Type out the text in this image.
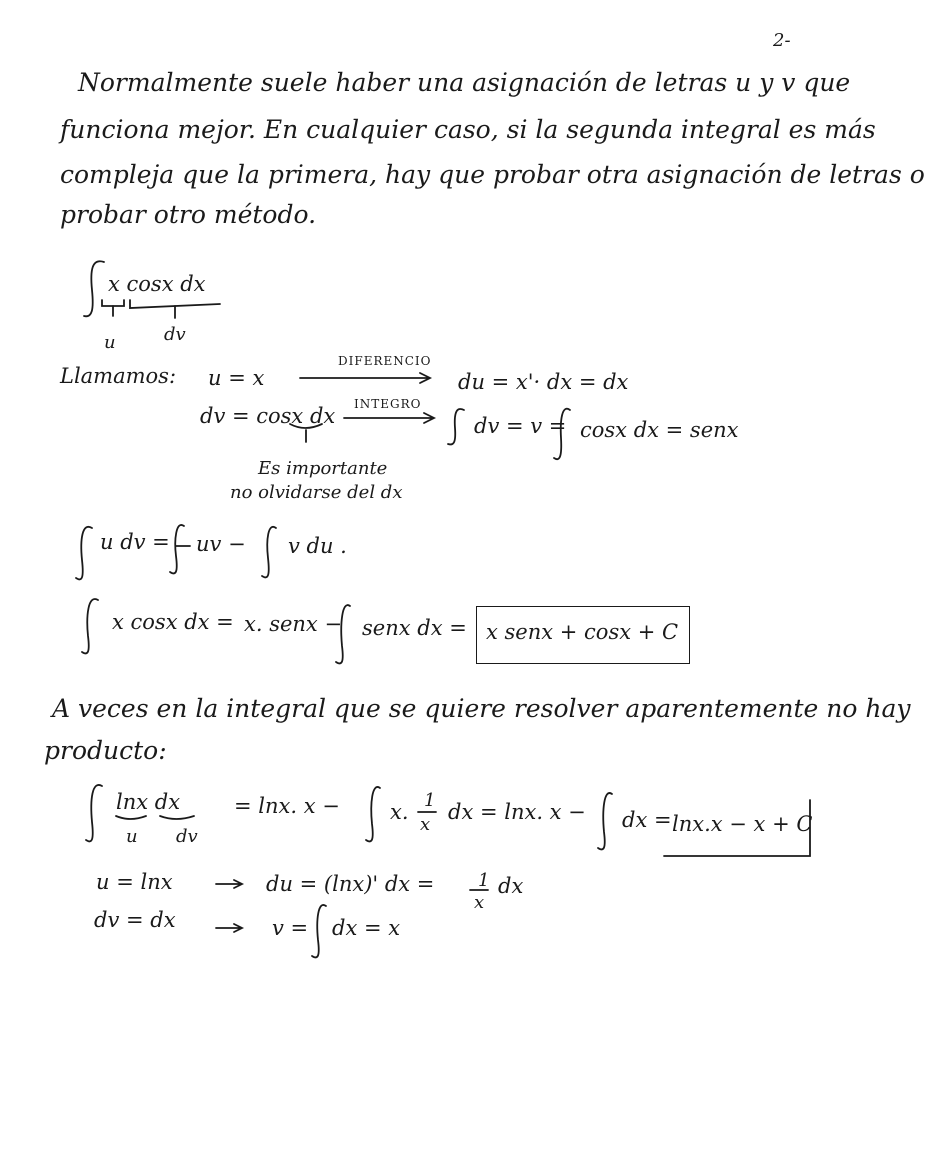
2-
Normalmente suele haber una asignación de letras u y v que
funciona mejor. En cualquier caso, si la segunda integral es más
compleja que la primera, hay que probar otra asignación de letras o
probar otro método.
x cosx dx
u	dv
Llamamos: u = x
DIFERENCIO
du = x'· dx = dx
dv = cosx dx INTEGRO
dv = v = cosx dx = senx
Es importante
no olvidarse del dx
u dv = uv − v du .
x cosx dx = x. senx − senx dx = x senx + cosx + C
A veces en la integral que se quiere resolver aparentemente no hay
producto:
lnx dx
u dv
= lnx. x − x. 1
x
dx = lnx. x − dx = lnx.x − x + C
u = lnx	du = (lnx)' dx = 1
x
dx
dv = dx	v = dx = x
